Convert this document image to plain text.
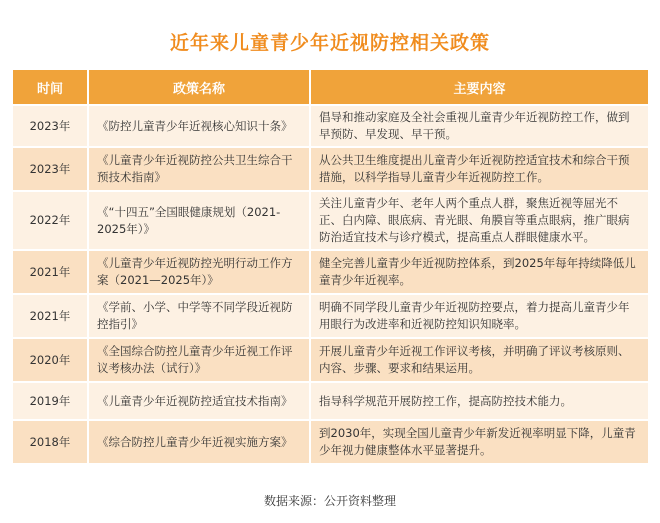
近年来儿童青少年近视防控相关政策
时间	政策名称	主要内容
2023年	《防控儿童青少年近视核心知识十条》	倡导和推动家庭及全社会重视儿童青少年近视防控工作，做到早预防、早发现、早干预。
2023年	《儿童青少年近视防控公共卫生综合干预技术指南》	从公共卫生维度提出儿童青少年近视防控适宜技术和综合干预措施，以科学指导儿童青少年近视防控工作。
2022年	《“十四五”全国眼健康规划（2021-2025年）》	关注儿童青少年、老年人两个重点人群，聚焦近视等屈光不正、白内障、眼底病、青光眼、角膜盲等重点眼病，推广眼病防治适宜技术与诊疗模式，提高重点人群眼健康水平。
2021年	《儿童青少年近视防控光明行动工作方案（2021—2025年）》	健全完善儿童青少年近视防控体系，到2025年每年持续降低儿童青少年近视率。
2021年	《学前、小学、中学等不同学段近视防控指引》	明确不同学段儿童青少年近视防控要点，着力提高儿童青少年用眼行为改进率和近视防控知识知晓率。
2020年	《全国综合防控儿童青少年近视工作评议考核办法（试行）》	开展儿童青少年近视工作评议考核，并明确了评议考核原则、内容、步骤、要求和结果运用。
2019年	《儿童青少年近视防控适宜技术指南》	指导科学规范开展防控工作，提高防控技术能力。
2018年	《综合防控儿童青少年近视实施方案》	到2030年，实现全国儿童青少年新发近视率明显下降，儿童青少年视力健康整体水平显著提升。
数据来源：公开资料整理
